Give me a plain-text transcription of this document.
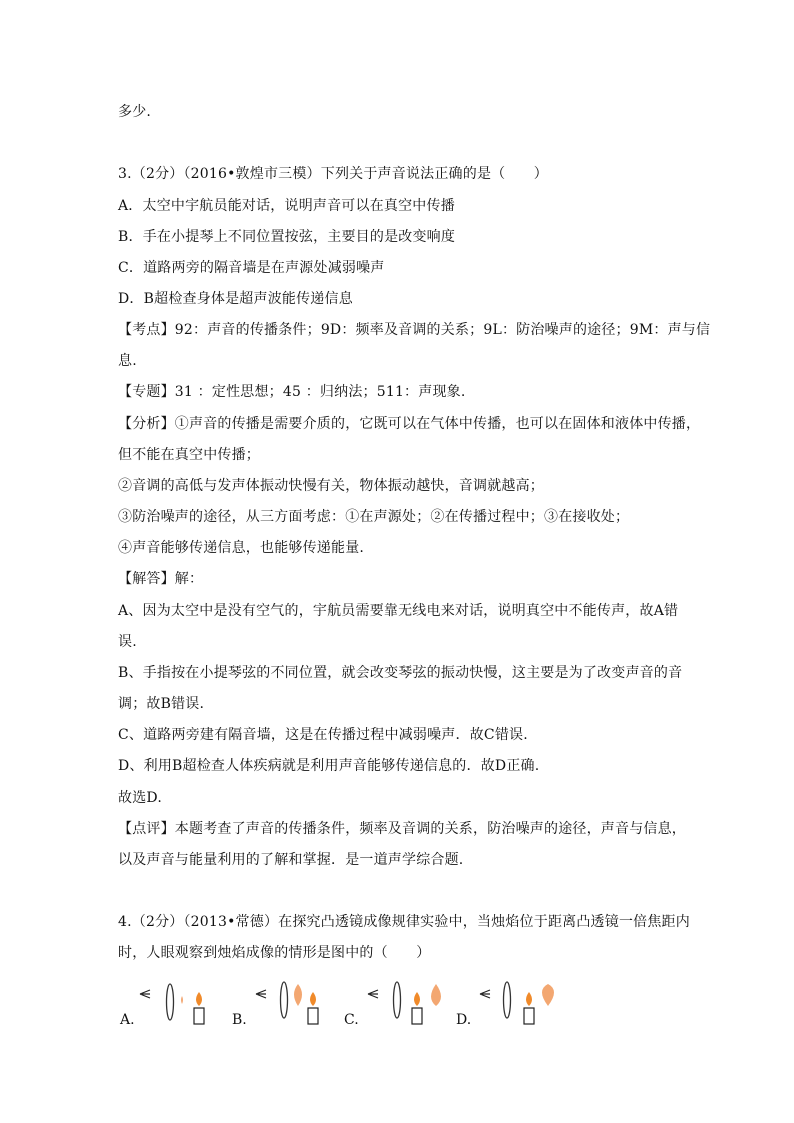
多少.
3.（2分）（2016•敦煌市三模）下列关于声音说法正确的是（　　）
A．太空中宇航员能对话，说明声音可以在真空中传播
B．手在小提琴上不同位置按弦，主要目的是改变响度
C．道路两旁的隔音墙是在声源处减弱噪声
D．B超检查身体是超声波能传递信息
【考点】92：声音的传播条件；9D：频率及音调的关系；9L：防治噪声的途径；9M：声与信
息.
【专题】31 ：定性思想；45 ：归纳法；511：声现象.
【分析】①声音的传播是需要介质的，它既可以在气体中传播，也可以在固体和液体中传播，
但不能在真空中传播；
②音调的高低与发声体振动快慢有关，物体振动越快，音调就越高；
③防治噪声的途径，从三方面考虑：①在声源处；②在传播过程中；③在接收处；
④声音能够传递信息，也能够传递能量.
【解答】解：
A、因为太空中是没有空气的，宇航员需要靠无线电来对话，说明真空中不能传声，故A错
误.
B、手指按在小提琴弦的不同位置，就会改变琴弦的振动快慢，这主要是为了改变声音的音
调；故B错误.
C、道路两旁建有隔音墙，这是在传播过程中减弱噪声．故C错误.
D、利用B超检查人体疾病就是利用声音能够传递信息的．故D正确.
故选D.
【点评】本题考查了声音的传播条件，频率及音调的关系，防治噪声的途径，声音与信息，
以及声音与能量利用的了解和掌握．是一道声学综合题.
4.（2分）（2013•常德）在探究凸透镜成像规律实验中，当烛焰位于距离凸透镜一倍焦距内
时，人眼观察到烛焰成像的情形是图中的（　　）
A.	B.	C.	D.
